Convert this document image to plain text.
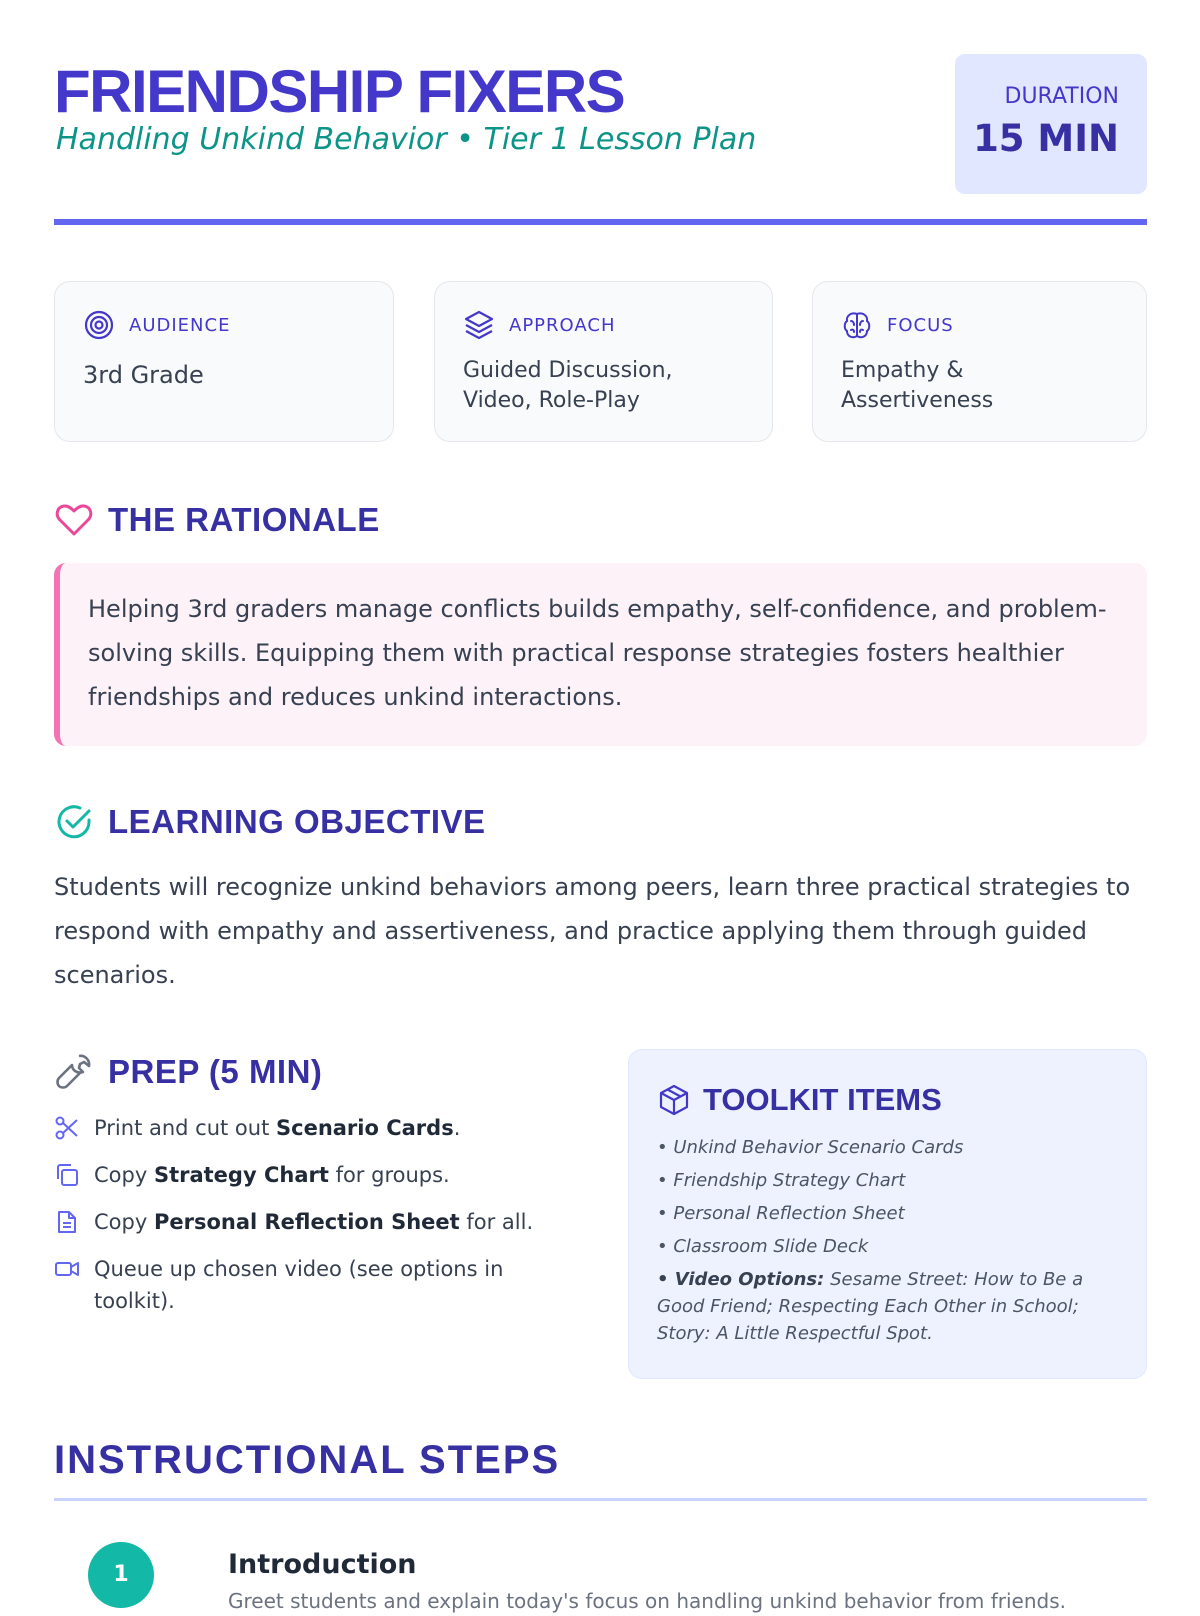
FRIENDSHIP FIXERS
Handling Unkind Behavior • Tier 1 Lesson Plan
DURATION
15 MIN
AUDIENCE
3rd Grade
APPROACH
Guided Discussion, Video, Role-Play
FOCUS
Empathy & Assertiveness
THE RATIONALE
Helping 3rd graders manage conflicts builds empathy, self-confidence, and problem-solving skills. Equipping them with practical response strategies fosters healthier friendships and reduces unkind interactions.
LEARNING OBJECTIVE
Students will recognize unkind behaviors among peers, learn three practical strategies to respond with empathy and assertiveness, and practice applying them through guided scenarios.
PREP (5 MIN)
Print and cut out Scenario Cards.
Copy Strategy Chart for groups.
Copy Personal Reflection Sheet for all.
Queue up chosen video (see options in toolkit).
TOOLKIT ITEMS
• Unkind Behavior Scenario Cards
• Friendship Strategy Chart
• Personal Reflection Sheet
• Classroom Slide Deck
• Video Options: Sesame Street: How to Be a Good Friend; Respecting Each Other in School; Story: A Little Respectful Spot.
INSTRUCTIONAL STEPS
1	Introduction
Greet students and explain today's focus on handling unkind behavior from friends.
